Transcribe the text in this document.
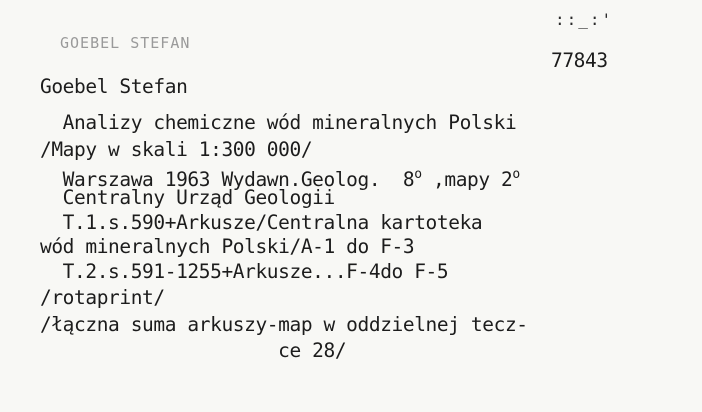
::_:'
GOEBEL STEFAN
77843
Goebel Stefan
Analizy chemiczne wód mineralnych Polski
/Mapy w skali 1:300 000/
Warszawa 1963 Wydawn.Geolog.  8$^o$ ,mapy 2$^o$
Centralny Urząd Geologii
T.1.s.590+Arkusze/Centralna kartoteka
wód mineralnych Polski/A-1 do F-3
T.2.s.591-1255+Arkusze...F-4do F-5
/rotaprint/
/łączna suma arkuszy-map w oddzielnej tecz-
ce 28/
